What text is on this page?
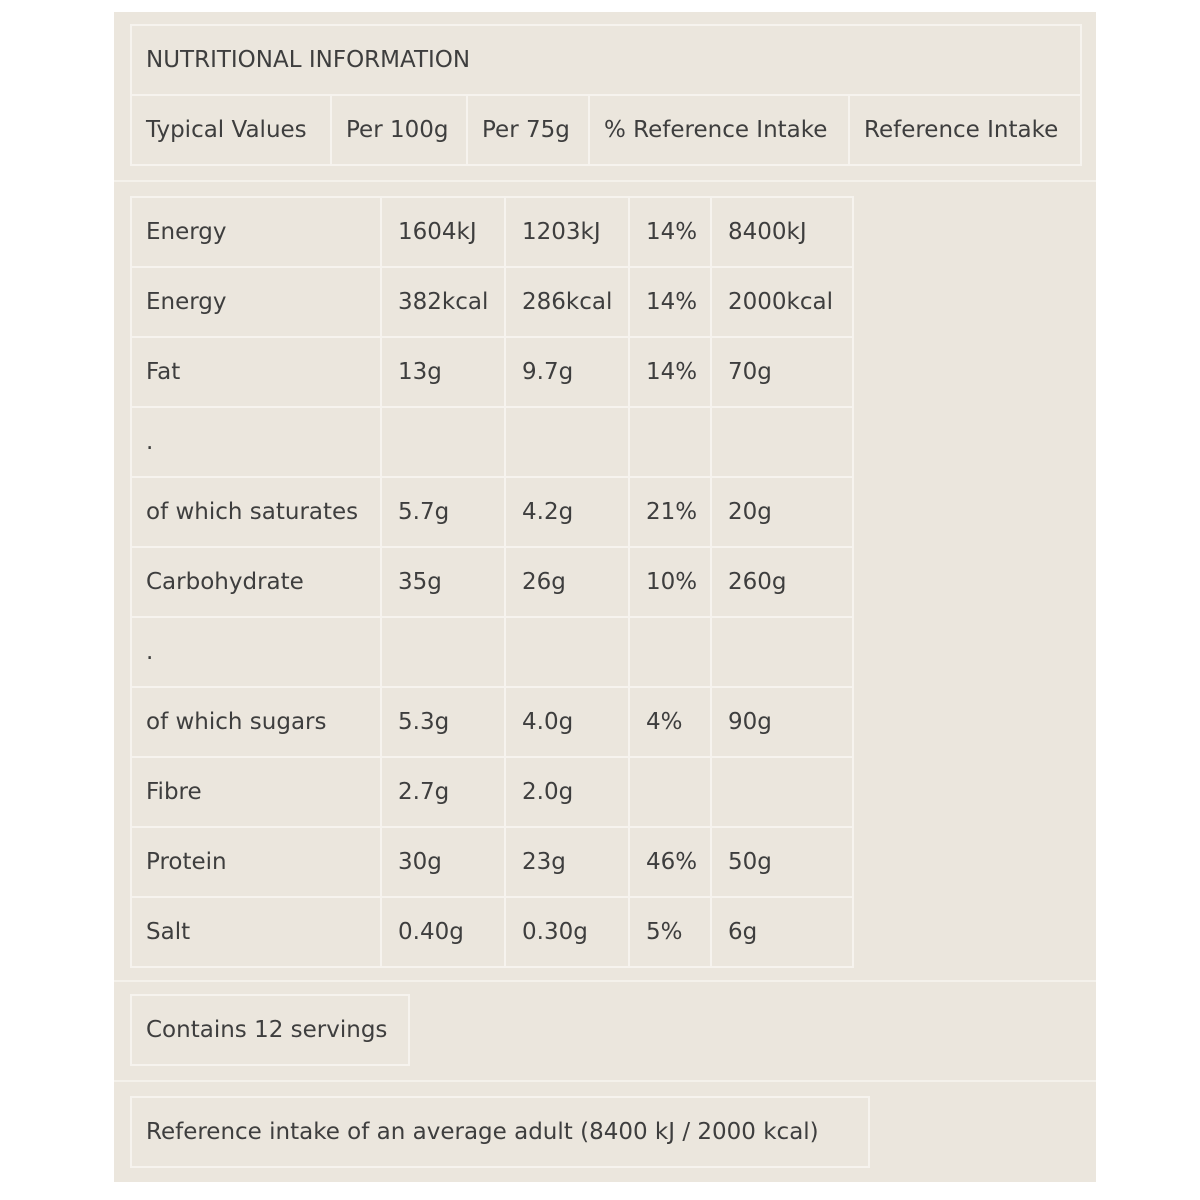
NUTRITIONAL INFORMATION
Typical Values	Per 100g	Per 75g	% Reference Intake	Reference Intake
Energy	1604kJ	1203kJ	14%	8400kJ
Energy	382kcal	286kcal	14%	2000kcal
Fat	13g	9.7g	14%	70g
.				
of which saturates	5.7g	4.2g	21%	20g
Carbohydrate	35g	26g	10%	260g
.				
of which sugars	5.3g	4.0g	4%	90g
Fibre	2.7g	2.0g		
Protein	30g	23g	46%	50g
Salt	0.40g	0.30g	5%	6g
Contains 12 servings
Reference intake of an average adult (8400 kJ / 2000 kcal)
